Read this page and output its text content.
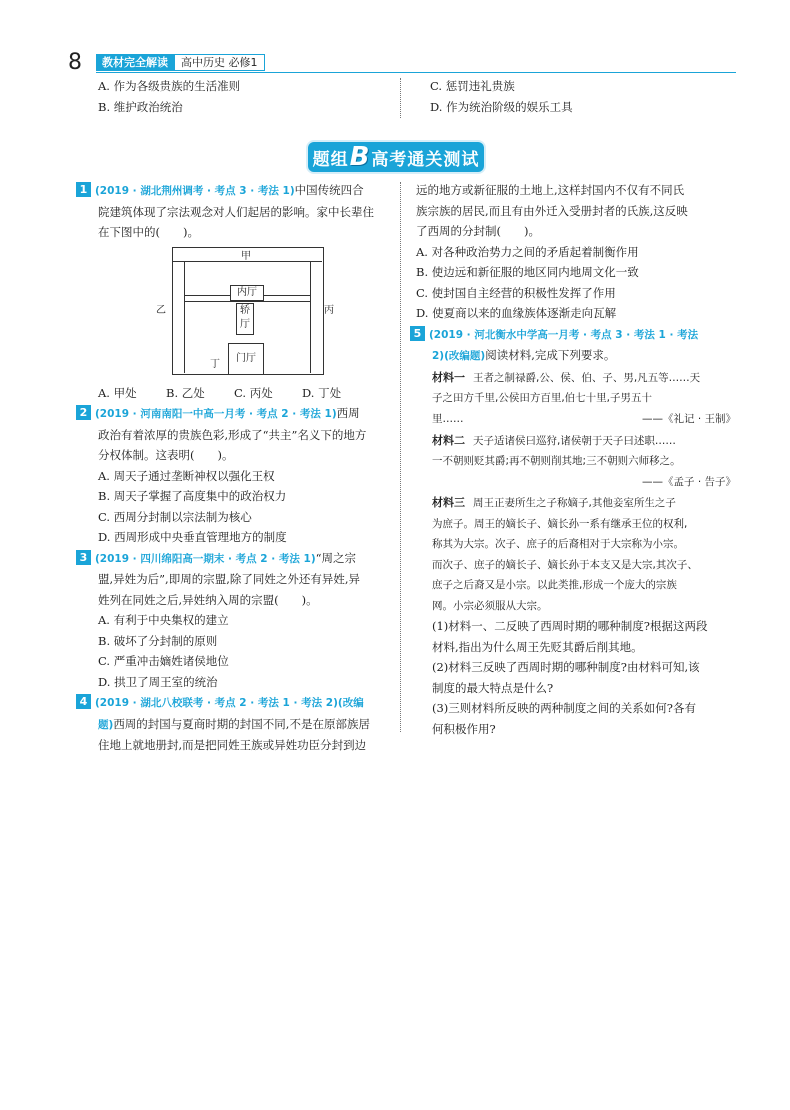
8	教材完全解读	高中历史 必修1
A. 作为各级贵族的生活准则
B. 维护政治统治
C. 惩罚违礼贵族
D. 作为统治阶级的娱乐工具
题组 B 高考通关测试
1 (2019 · 湖北荆州调考 · 考点 3 · 考法 1)中国传统四合
院建筑体现了宗法观念对人们起居的影响。家中长辈住
在下图中的(　　)。
甲
乙	丙
丁
内厅
轿
厅
门厅
A. 甲处	B. 乙处	C. 丙处	D. 丁处
2 (2019 · 河南南阳一中高一月考 · 考点 2 · 考法 1)西周
政治有着浓厚的贵族色彩,形成了“共主”名义下的地方
分权体制。这表明(　　)。
A. 周天子通过垄断神权以强化王权
B. 周天子掌握了高度集中的政治权力
C. 西周分封制以宗法制为核心
D. 西周形成中央垂直管理地方的制度
3 (2019 · 四川绵阳高一期末 · 考点 2 · 考法 1)“周之宗
盟,异姓为后”,即周的宗盟,除了同姓之外还有异姓,异
姓列在同姓之后,异姓纳入周的宗盟(　　)。
A. 有利于中央集权的建立
B. 破坏了分封制的原则
C. 严重冲击嫡姓诸侯地位
D. 拱卫了周王室的统治
4 (2019 · 湖北八校联考 · 考点 2 · 考法 1 · 考法 2)(改编
题)西周的封国与夏商时期的封国不同,不是在原部族居
住地上就地册封,而是把同姓王族或异姓功臣分封到边
远的地方或新征服的土地上,这样封国内不仅有不同氏
族宗族的居民,而且有由外迁入受册封者的氏族,这反映
了西周的分封制(　　)。
A. 对各种政治势力之间的矛盾起着制衡作用
B. 使边远和新征服的地区同内地周文化一致
C. 使封国自主经营的积极性发挥了作用
D. 使夏商以来的血缘族体逐渐走向瓦解
5 (2019 · 河北衡水中学高一月考 · 考点 3 · 考法 1 · 考法
2)(改编题)阅读材料,完成下列要求。
材料一 王者之制禄爵,公、侯、伯、子、男,凡五等……天
子之田方千里,公侯田方百里,伯七十里,子男五十
里……	——《礼记 · 王制》
材料二 天子适诸侯曰巡狩,诸侯朝于天子曰述职……
一不朝则贬其爵;再不朝则削其地;三不朝则六师移之。
——《孟子 · 告子》
材料三 周王正妻所生之子称嫡子,其他妾室所生之子
为庶子。周王的嫡长子、嫡长孙一系有继承王位的权利,
称其为大宗。次子、庶子的后裔相对于大宗称为小宗。
而次子、庶子的嫡长子、嫡长孙于本支又是大宗,其次子、
庶子之后裔又是小宗。以此类推,形成一个庞大的宗族
网。小宗必须服从大宗。
(1)材料一、二反映了西周时期的哪种制度?根据这两段
材料,指出为什么周王先贬其爵后削其地。
(2)材料三反映了西周时期的哪种制度?由材料可知,该
制度的最大特点是什么?
(3)三则材料所反映的两种制度之间的关系如何?各有
何积极作用?
